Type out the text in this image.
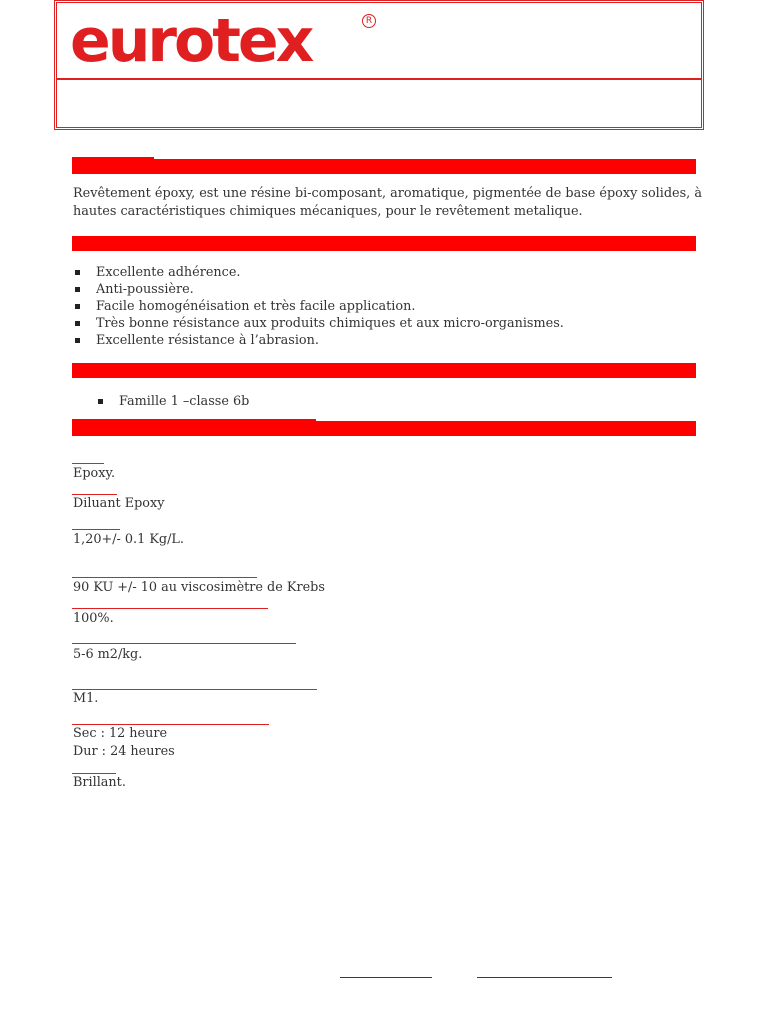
eurotex	R
Revêtement époxy, est une résine bi-composant, aromatique, pigmentée de base époxy solides, à hautes caractéristiques chimiques mécaniques, pour le revêtement metalique.
Excellente adhérence.
Anti-poussière.
Facile homogénéisation et très facile application.
Très bonne résistance aux produits chimiques et aux micro-organismes.
Excellente résistance à l’abrasion.
Famille 1 –classe 6b
Epoxy.
Diluant Epoxy
1,20+/- 0.1 Kg/L.
90 KU +/- 10 au viscosimètre de Krebs
100%.
5-6 m2/kg.
M1.
Sec : 12 heure
Dur : 24 heures
Brillant.
